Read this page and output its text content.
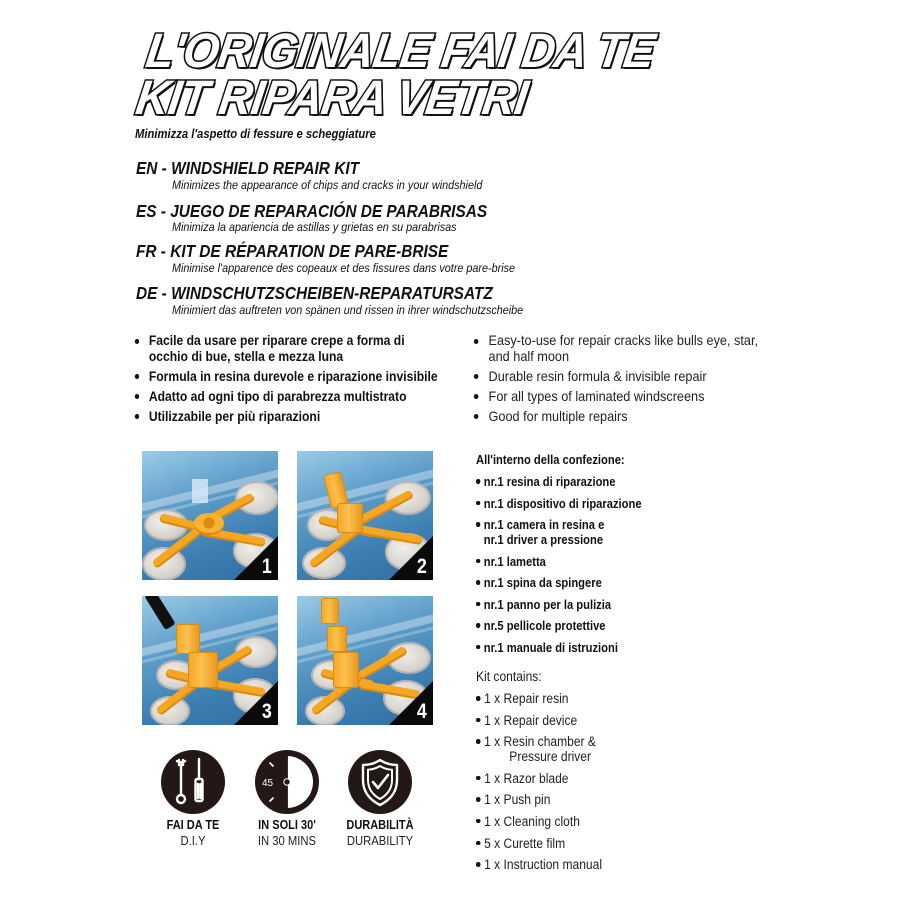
L'ORIGINALE FAI DA TE
KIT RIPARA VETRI
Minimizza l'aspetto di fessure e scheggiature
EN - WINDSHIELD REPAIR KIT
Minimizes the appearance of chips and cracks in your windshield
ES - JUEGO DE REPARACIÓN DE PARABRISAS
Minimiza la apariencia de astillas y grietas en su parabrisas
FR - KIT DE RÉPARATION DE PARE-BRISE
Minimise l'apparence des copeaux et des fissures dans votre pare-brise
DE - WINDSCHUTZSCHEIBEN-REPARATURSATZ
Minimiert das auftreten von spänen und rissen in ihrer windschutzscheibe
Facile da usare per riparare crepe a forma di
occhio di bue, stella e mezza luna
Formula in resina durevole e riparazione invisibile
Adatto ad ogni tipo di parabrezza multistrato
Utilizzabile per più riparazioni
Easy-to-use for repair cracks like bulls eye, star,
and half moon
Durable resin formula & invisible repair
For all types of laminated windscreens
Good for multiple repairs
1	2
3	4
FAI DA TE
D.I.Y
45
IN SOLI 30'
IN 30 MINS
DURABILITÀ
DURABILITY
All'interno della confezione:
nr.1 resina di riparazione
nr.1 dispositivo di riparazione
nr.1 camera in resina e
nr.1 driver a pressione
nr.1 lametta
nr.1 spina da spingere
nr.1 panno per la pulizia
nr.5 pellicole protettive
nr.1 manuale di istruzioni
Kit contains:
1 x Repair resin
1 x Repair device
1 x Resin chamber &
Pressure driver
1 x Razor blade
1 x Push pin
1 x Cleaning cloth
5 x Curette film
1 x Instruction manual
